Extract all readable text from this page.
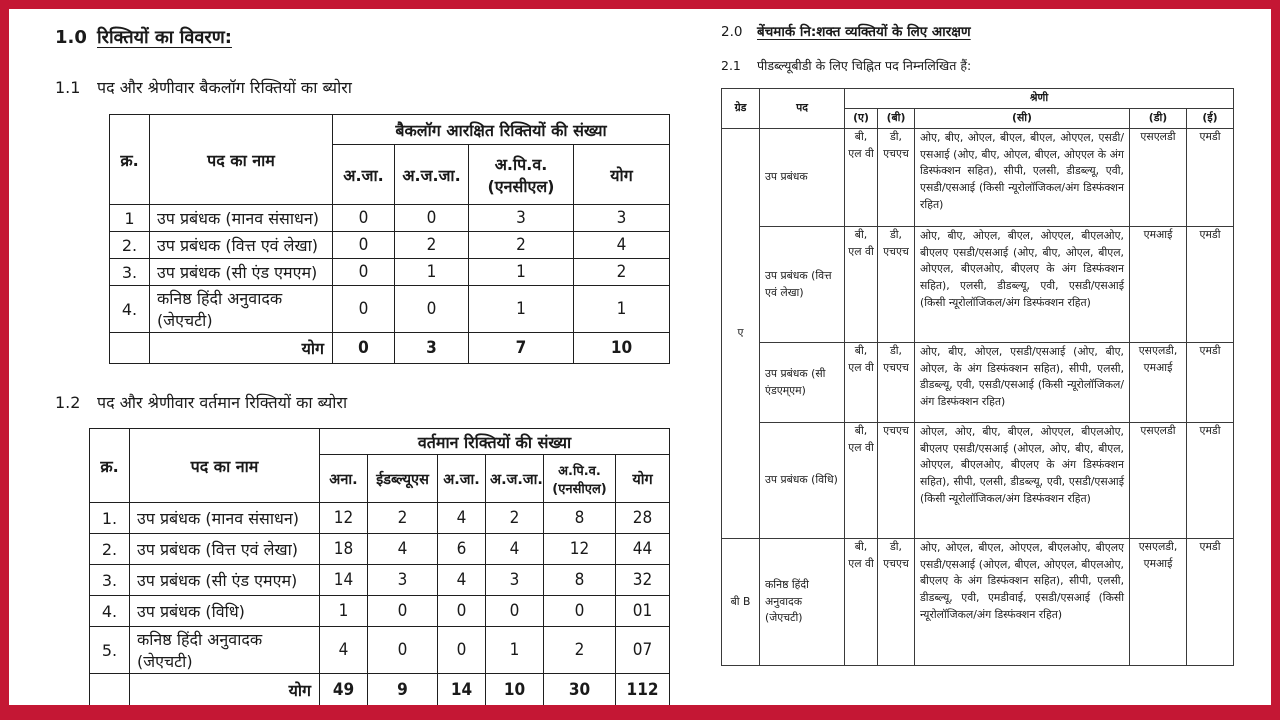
1.0 रिक्तियों का विवरण:
1.1	पद और श्रेणीवार बैकलॉग रिक्तियों का ब्योरा
क्र.	पद का नाम	बैकलॉग आरक्षित रिक्तियों की संख्या			
		अ.जा.	अ.ज.जा.	अ.पि.व. (एनसीएल)	योग
1	उप प्रबंधक (मानव संसाधन)	0	0	3	3
2.	उप प्रबंधक (वित्त एवं लेखा)	0	2	2	4
3.	उप प्रबंधक (सी एंड एमएम)	0	1	1	2
4.	कनिष्ठ हिंदी अनुवादक (जेएचटी)	0	0	1	1
	योग	0	3	7	10
1.2	पद और श्रेणीवार वर्तमान रिक्तियों का ब्योरा
क्र.	पद का नाम	वर्तमान रिक्तियों की संख्या					
		अना.	ईडब्ल्यूएस	अ.जा.	अ.ज.जा.	अ.पि.व. (एनसीएल)	योग
1.	उप प्रबंधक (मानव संसाधन)	12	2	4	2	8	28
2.	उप प्रबंधक (वित्त एवं लेखा)	18	4	6	4	12	44
3.	उप प्रबंधक (सी एंड एमएम)	14	3	4	3	8	32
4.	उप प्रबंधक (विधि)	1	0	0	0	0	01
5.	कनिष्ठ हिंदी अनुवादक (जेएचटी)	4	0	0	1	2	07
	योग	49	9	14	10	30	112
2.0	बेंचमार्क नि:शक्त व्यक्तियों के लिए आरक्षण
2.1	पीडब्ल्यूबीडी के लिए चिह्नित पद निम्नलिखित हैं:
ग्रेड	पद	श्रेणी				
		(ए)	(बी)	(सी)	(डी)	(ई)
ए	उप प्रबंधक	बी, एल वी	डी, एचएच	ओए, बीए, ओएल, बीएल, बीएल, ओएएल, एसडी/एसआई (ओए, बीए, ओएल, बीएल, ओएएल के अंग डिस्फंक्शन सहित), सीपी, एलसी, डीडब्ल्यू, एवी, एसडी/एसआई (किसी न्यूरोलॉजिकल/अंग डिस्फंक्शन रहित)	एसएलडी	एमडी
	उप प्रबंधक (वित्त एवं लेखा)	बी, एल वी	डी, एचएच	ओए, बीए, ओएल, बीएल, ओएएल, बीएलओए, बीएलए एसडी/एसआई (ओए, बीए, ओएल, बीएल, ओएएल, बीएलओए, बीएलए के अंग डिस्फंक्शन सहित), एलसी, डीडब्ल्यू, एवी, एसडी/एसआई (किसी न्यूरोलॉजिकल/अंग डिस्फंक्शन रहित)	एमआई	एमडी
	उप प्रबंधक (सी एंडएम्एम)	बी, एल वी	डी, एचएच	ओए, बीए, ओएल, एसडी/एसआई (ओए, बीए, ओएल, के अंग डिस्फंक्शन सहित), सीपी, एलसी, डीडब्ल्यू, एवी, एसडी/एसआई (किसी न्यूरोलॉजिकल/अंग डिस्फंक्शन रहित)	एसएलडी, एमआई	एमडी
	उप प्रबंधक (विधि)	बी, एल वी	एचएच	ओएल, ओए, बीए, बीएल, ओएएल, बीएलओए, बीएलए एसडी/एसआई (ओएल, ओए, बीए, बीएल, ओएएल, बीएलओए, बीएलए के अंग डिस्फंक्शन सहित), सीपी, एलसी, डीडब्ल्यू, एवी, एसडी/एसआई (किसी न्यूरोलॉजिकल/अंग डिस्फंक्शन रहित)	एसएलडी	एमडी
बी B	कनिष्ठ हिंदी अनुवादक (जेएचटी)	बी, एल वी	डी, एचएच	ओए, ओएल, बीएल, ओएएल, बीएलओए, बीएलए एसडी/एसआई (ओएल, बीएल, ओएएल, बीएलओए, बीएलए के अंग डिस्फंक्शन सहित), सीपी, एलसी, डीडब्ल्यू, एवी, एमडीवाई, एसडी/एसआई (किसी न्यूरोलॉजिकल/अंग डिस्फंक्शन रहित)	एसएलडी, एमआई	एमडी
